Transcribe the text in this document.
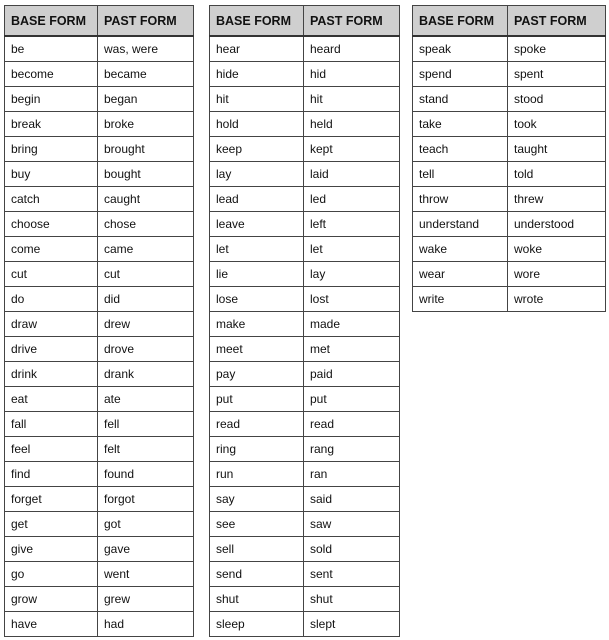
BASE FORM	PAST FORM
be	was, were
become	became
begin	began
break	broke
bring	brought
buy	bought
catch	caught
choose	chose
come	came
cut	cut
do	did
draw	drew
drive	drove
drink	drank
eat	ate
fall	fell
feel	felt
find	found
forget	forgot
get	got
give	gave
go	went
grow	grew
have	had
BASE FORM	PAST FORM
hear	heard
hide	hid
hit	hit
hold	held
keep	kept
lay	laid
lead	led
leave	left
let	let
lie	lay
lose	lost
make	made
meet	met
pay	paid
put	put
read	read
ring	rang
run	ran
say	said
see	saw
sell	sold
send	sent
shut	shut
sleep	slept
BASE FORM	PAST FORM
speak	spoke
spend	spent
stand	stood
take	took
teach	taught
tell	told
throw	threw
understand	understood
wake	woke
wear	wore
write	wrote
